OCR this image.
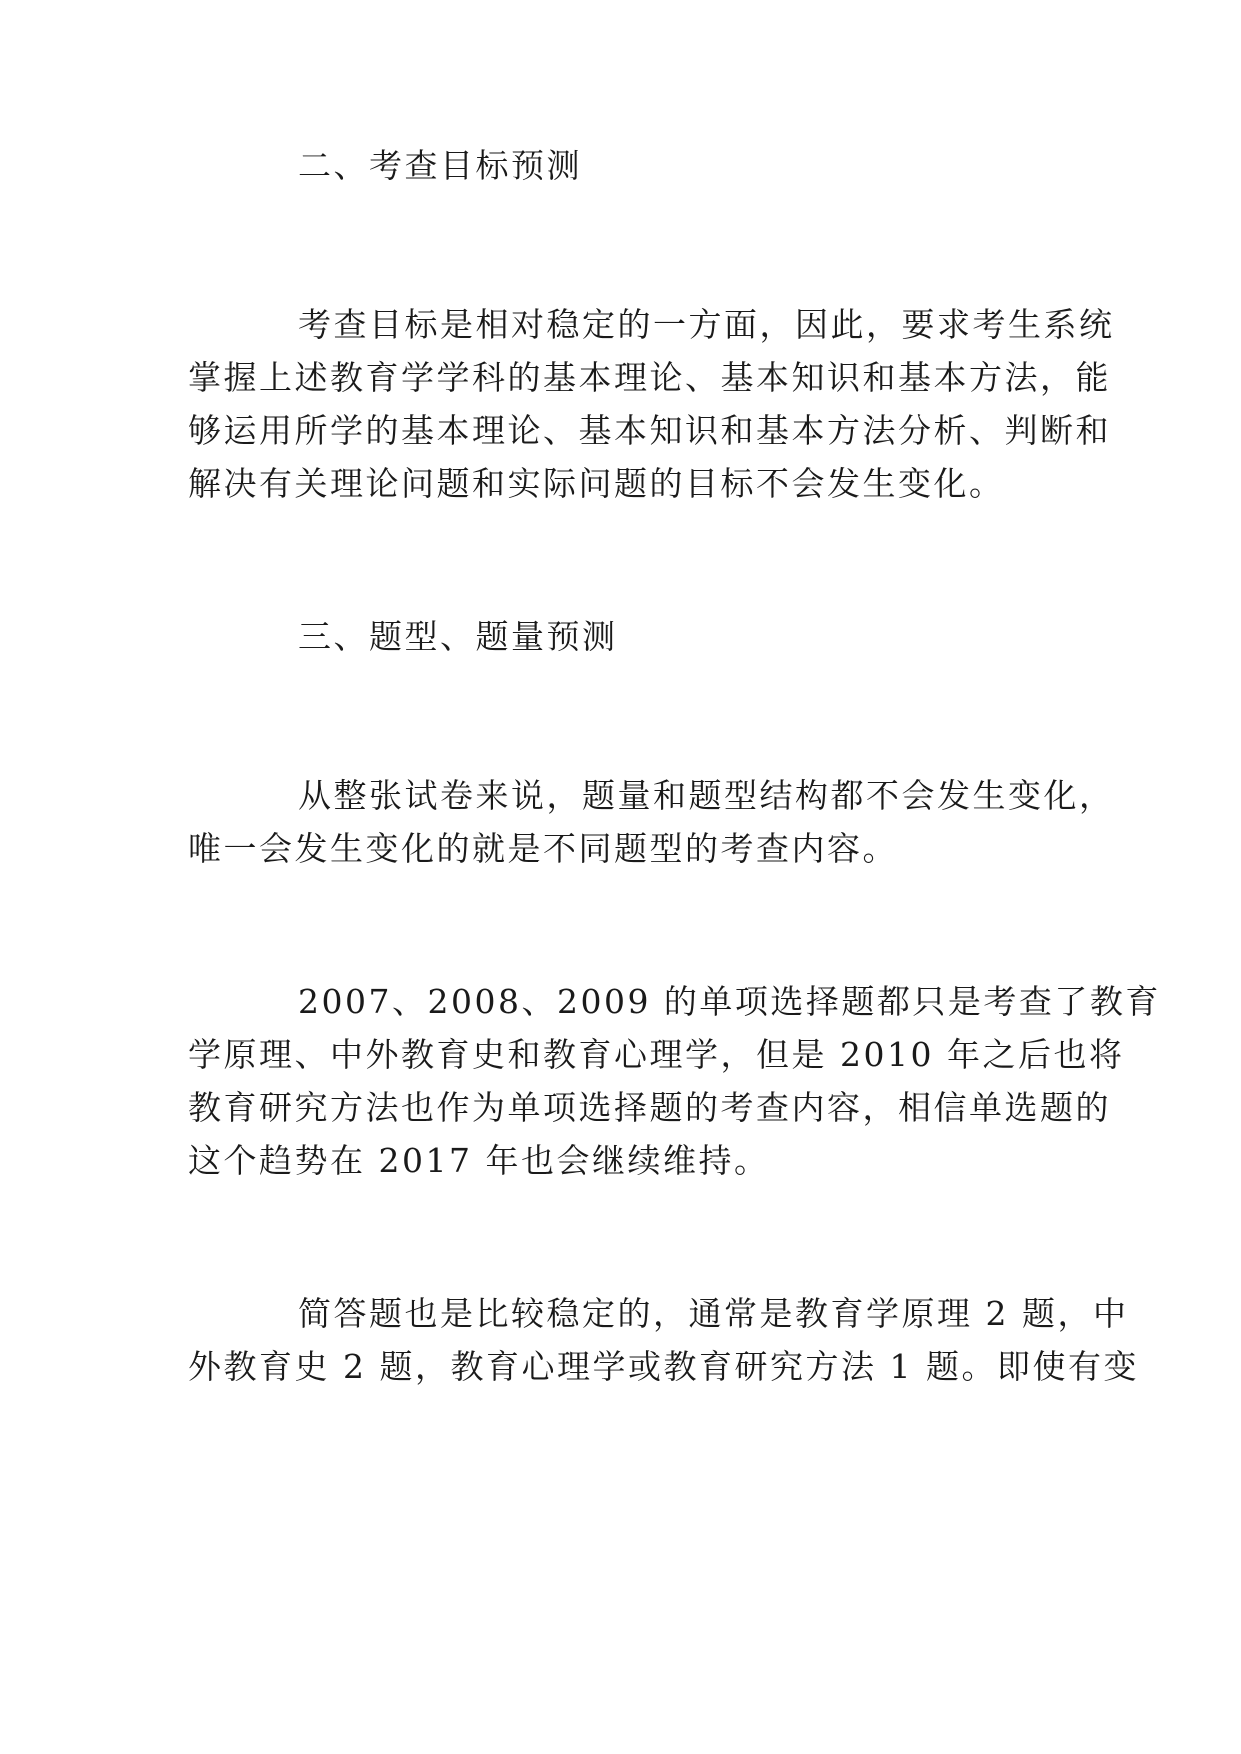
二、考查目标预测
考查目标是相对稳定的一方面，因此，要求考生系统
掌握上述教育学学科的基本理论、基本知识和基本方法，能
够运用所学的基本理论、基本知识和基本方法分析、判断和
解决有关理论问题和实际问题的目标不会发生变化。
三、题型、题量预测
从整张试卷来说，题量和题型结构都不会发生变化，
唯一会发生变化的就是不同题型的考查内容。
2007、2008、2009 的单项选择题都只是考查了教育
学原理、中外教育史和教育心理学，但是 2010 年之后也将
教育研究方法也作为单项选择题的考查内容，相信单选题的
这个趋势在 2017 年也会继续维持。
简答题也是比较稳定的，通常是教育学原理 2 题，中
外教育史 2 题，教育心理学或教育研究方法 1 题。即使有变
